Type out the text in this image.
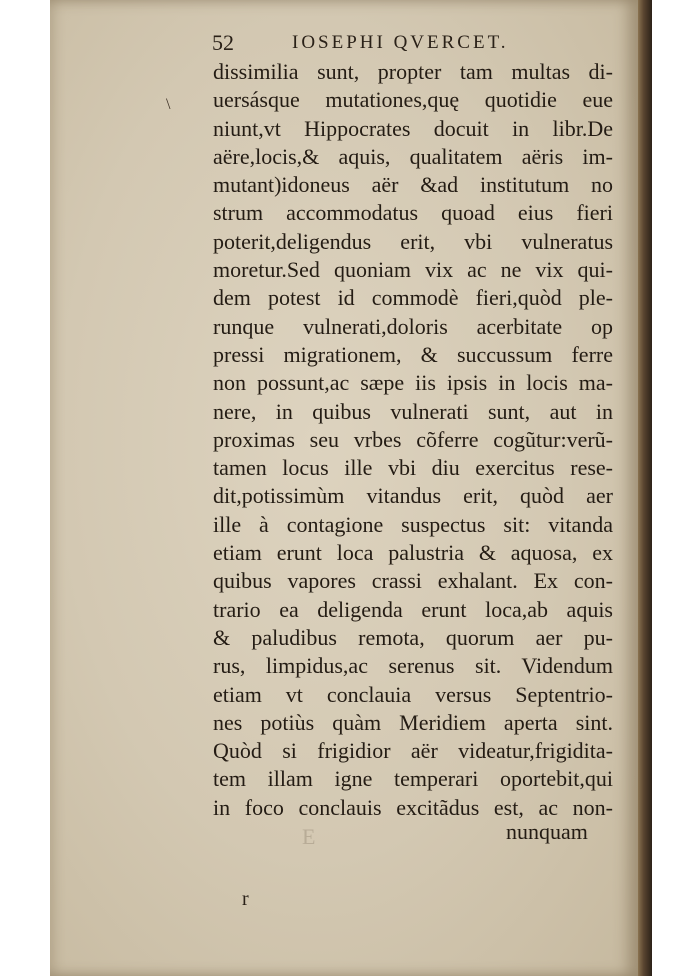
52	IOSEPHI QVERCET.
\
dissimilia sunt, propter tam multas di-
uersásque mutationes,quę quotidie eue
niunt,vt Hippocrates docuit in libr.De
aëre,locis,& aquis, qualitatem aëris im-
mutant)idoneus aër &ad institutum no
strum accommodatus quoad eius fieri
poterit,deligendus erit, vbi vulneratus
moretur.Sed quoniam vix ac ne vix qui-
dem potest id commodè fieri,quòd ple-
runque vulnerati,doloris acerbitate op
pressi migrationem, & succussum ferre
non possunt,ac sæpe iis ipsis in locis ma-
nere, in quibus vulnerati sunt, aut in
proximas seu vrbes cõferre cogũtur:verũ-
tamen locus ille vbi diu exercitus rese-
dit,potissimùm vitandus erit, quòd aer
ille à contagione suspectus sit: vitanda
etiam erunt loca palustria & aquosa, ex
quibus vapores crassi exhalant. Ex con-
trario ea deligenda erunt loca,ab aquis
& paludibus remota, quorum aer pu-
rus, limpidus,ac serenus sit. Videndum
etiam vt conclauia versus Septentrio-
nes potiùs quàm Meridiem aperta sint.
Quòd si frigidior aër videatur,frigidita-
tem illam igne temperari oportebit,qui
in foco conclauis excitãdus est, ac non-
nunquam
E
r
